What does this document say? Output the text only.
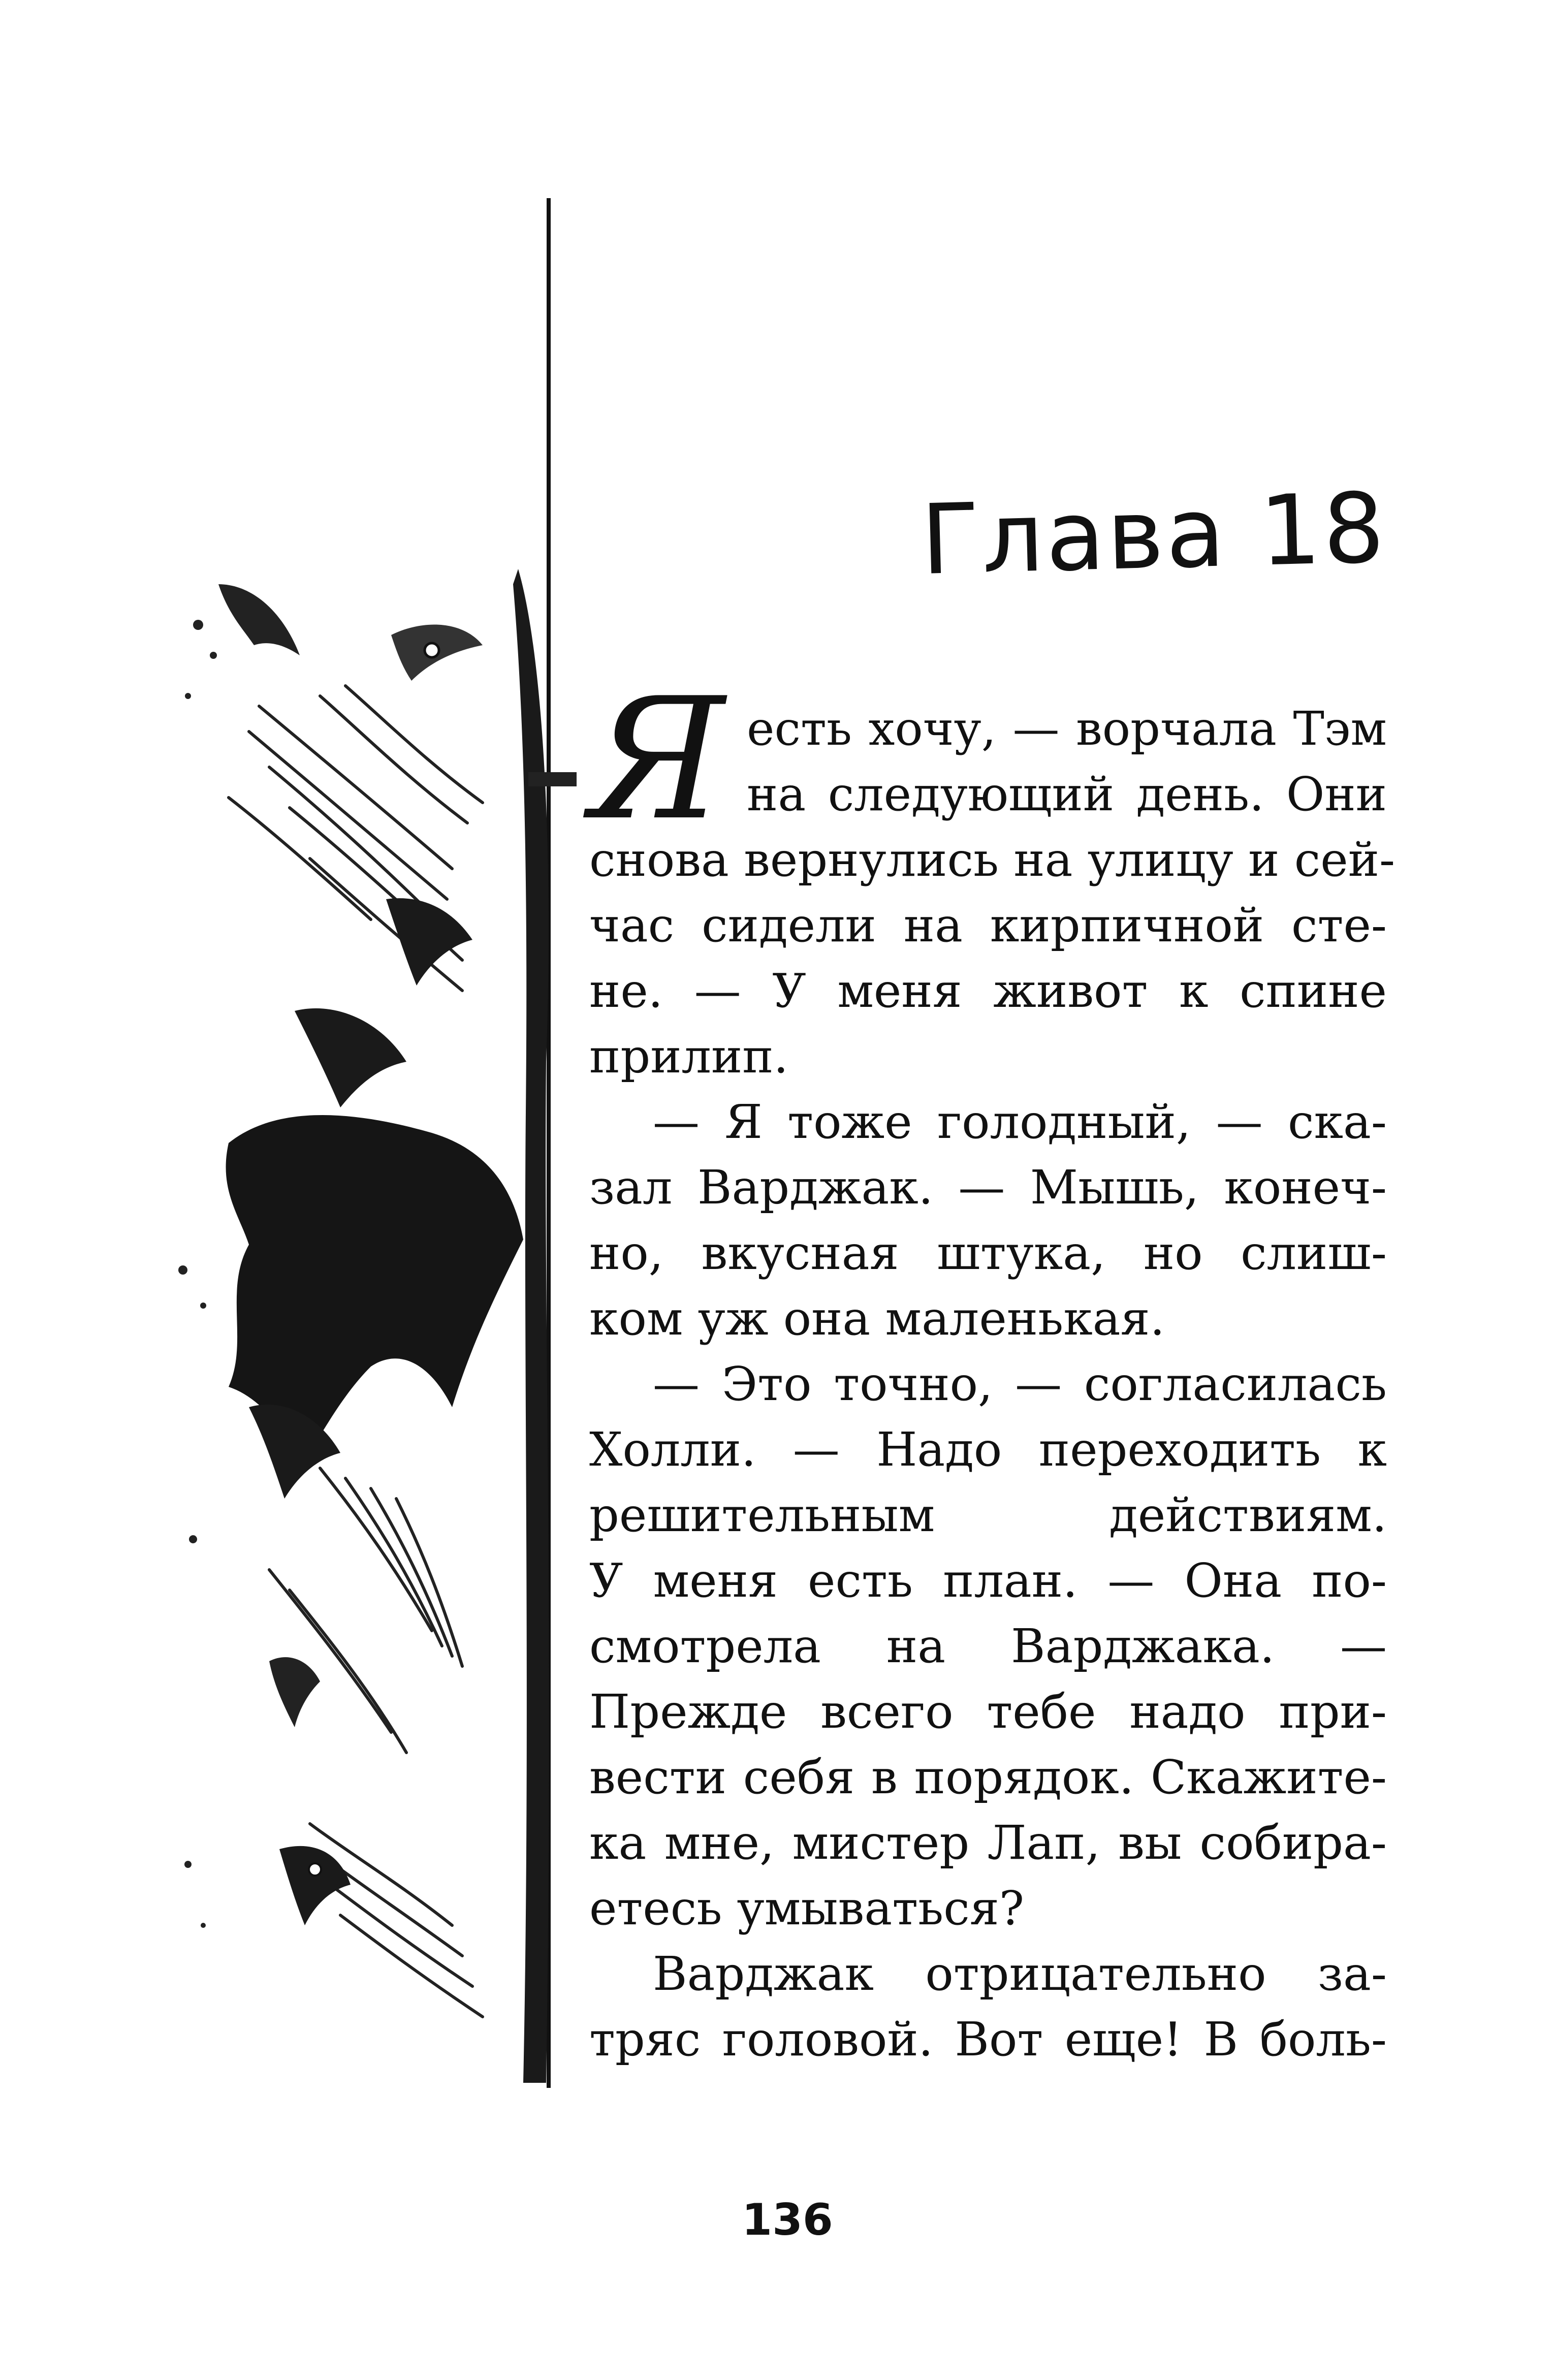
Глава 18
Я есть хочу, — ворчала Тэм
на следующий день. Они
снова вернулись на улицу и сей-
час сидели на кирпичной сте-
не. — У меня живот к спине
прилип.
— Я тоже голодный, — ска-
зал Варджак. — Мышь, конеч-
но, вкусная штука, но слиш-
ком уж она маленькая.
— Это точно, — согласилась
Холли. — Надо переходить к
решительным действиям.
У меня есть план. — Она по-
смотрела на Варджака. —
Прежде всего тебе надо при-
вести себя в порядок. Скажите-
ка мне, мистер Лап, вы собира-
етесь умываться?
Варджак отрицательно за-
тряс головой. Вот еще! В боль-
136
